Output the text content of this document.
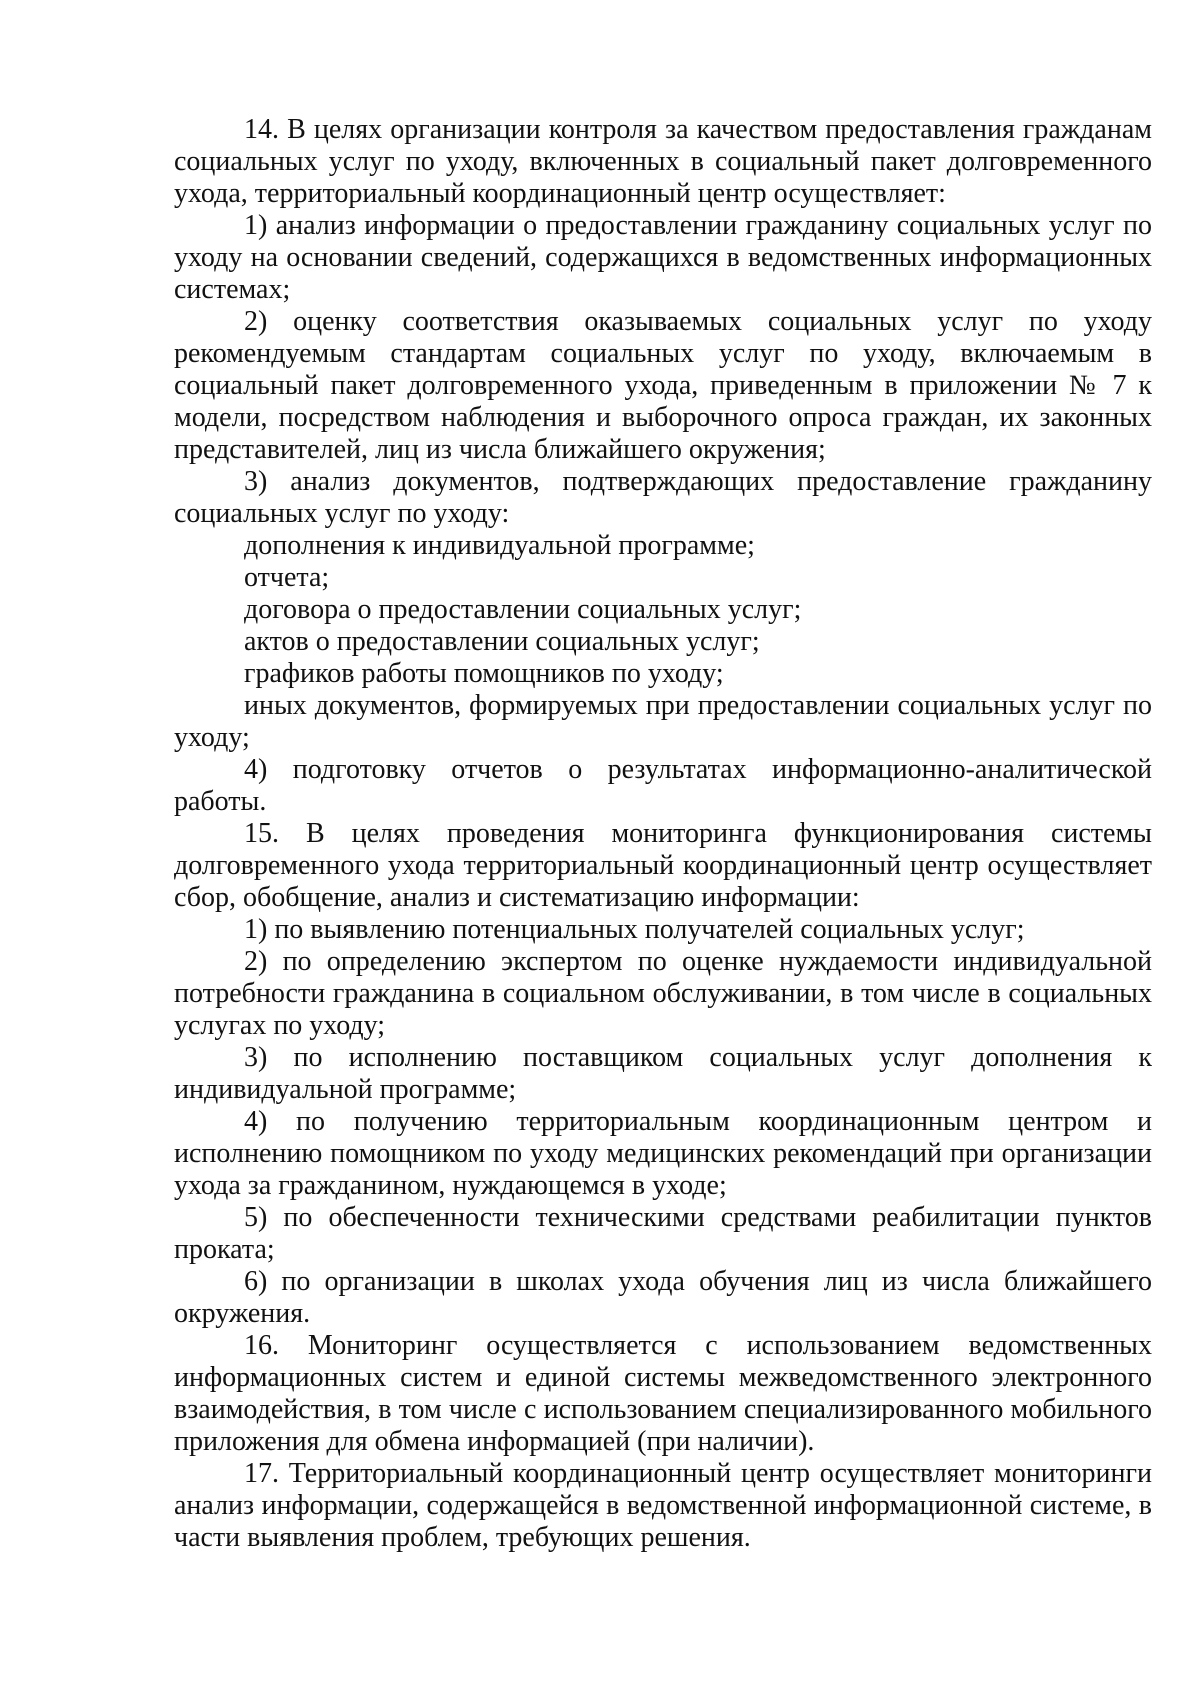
14. В целях организации контроля за качеством предоставления гражданам социальных услуг по уходу, включенных в социальный пакет долговременного ухода, территориальный координационный центр осуществляет:

1) анализ информации о предоставлении гражданину социальных услуг по уходу на основании сведений, содержащихся в ведомственных информационных системах;

2) оценку соответствия оказываемых социальных услуг по уходу рекомендуемым стандартам социальных услуг по уходу, включаемым в социальный пакет долговременного ухода, приведенным в приложении № 7 к модели, посредством наблюдения и выборочного опроса граждан, их законных представителей, лиц из числа ближайшего окружения;

3) анализ документов, подтверждающих предоставление гражданину социальных услуг по уходу:

дополнения к индивидуальной программе;

отчета;

договора о предоставлении социальных услуг;

актов о предоставлении социальных услуг;

графиков работы помощников по уходу;

иных документов, формируемых при предоставлении социальных услуг по уходу;

4) подготовку отчетов о результатах информационно-аналитической работы.

15. В целях проведения мониторинга функционирования системы долговременного ухода территориальный координационный центр осуществляет сбор, обобщение, анализ и систематизацию информации:

1) по выявлению потенциальных получателей социальных услуг;

2) по определению экспертом по оценке нуждаемости индивидуальной потребности гражданина в социальном обслуживании, в том числе в социальных услугах по уходу;

3) по исполнению поставщиком социальных услуг дополнения к индивидуальной программе;

4) по получению территориальным координационным центром и исполнению помощником по уходу медицинских рекомендаций при организации ухода за гражданином, нуждающемся в уходе;

5) по обеспеченности техническими средствами реабилитации пунктов проката;

6) по организации в школах ухода обучения лиц из числа ближайшего окружения.

16. Мониторинг осуществляется с использованием ведомственных информационных систем и единой системы межведомственного электронного взаимодействия, в том числе с использованием специализированного мобильного приложения для обмена информацией (при наличии).

17. Территориальный координационный центр осуществляет мониторинги анализ информации, содержащейся в ведомственной информационной системе, в части выявления проблем, требующих решения.
